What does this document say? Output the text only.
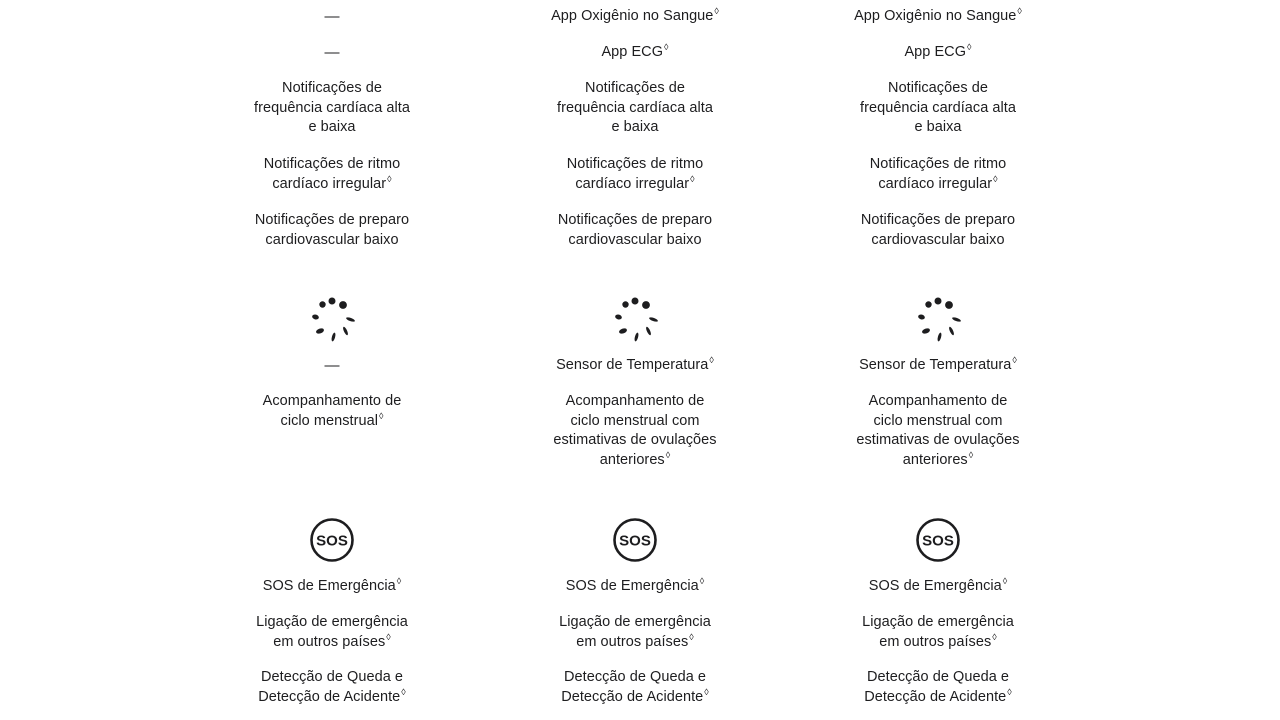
—
—
Notificações de
frequência cardíaca alta
e baixa
Notificações de ritmo
cardíaco irregular◊
Notificações de preparo
cardiovascular baixo
—
Acompanhamento de
ciclo menstrual◊
SOS
SOS de Emergência◊
Ligação de emergência
em outros países◊
Detecção de Queda e
Detecção de Acidente◊
App Oxigênio no Sangue◊
App ECG◊
Notificações de
frequência cardíaca alta
e baixa
Notificações de ritmo
cardíaco irregular◊
Notificações de preparo
cardiovascular baixo
Sensor de Temperatura◊
Acompanhamento de
ciclo menstrual com
estimativas de ovulações
anteriores◊
SOS
SOS de Emergência◊
Ligação de emergência
em outros países◊
Detecção de Queda e
Detecção de Acidente◊
App Oxigênio no Sangue◊
App ECG◊
Notificações de
frequência cardíaca alta
e baixa
Notificações de ritmo
cardíaco irregular◊
Notificações de preparo
cardiovascular baixo
Sensor de Temperatura◊
Acompanhamento de
ciclo menstrual com
estimativas de ovulações
anteriores◊
SOS
SOS de Emergência◊
Ligação de emergência
em outros países◊
Detecção de Queda e
Detecção de Acidente◊
